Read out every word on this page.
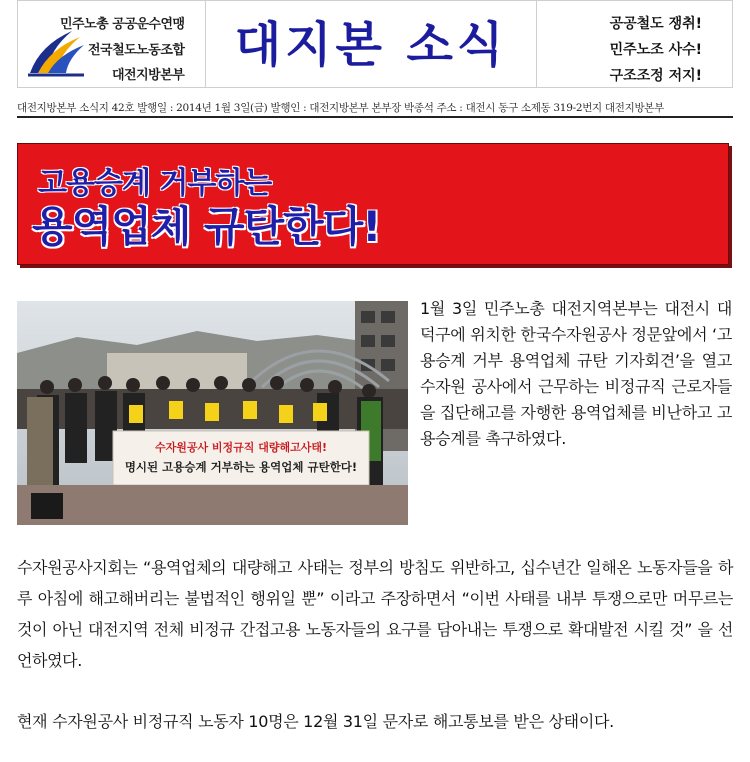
민주노총 공공운수연맹
전국철도노동조합
대전지방본부
대지본 소식	공공철도 쟁취!
민주노조 사수!
구조조정 저지!
대전지방본부 소식지 42호 발행일 : 2014년 1월 3일(금) 발행인 : 대전지방본부 본부장 박종석 주소 : 대전시 동구 소제동 319-2번지 대전지방본부
고용승계 거부하는
용역업체 규탄한다!
수자원공사 비정규직 대량해고사태!
명시된 고용승계 거부하는 용역업체 규탄한다!
1월 3일 민주노총 대전지역본부는 대전시 대덕구에 위치한 한국수자원공사 정문앞에서 ‘고용승계 거부 용역업체 규탄 기자회견’을 열고 수자원 공사에서 근무하는 비정규직 근로자들을 집단해고를 자행한 용역업체를 비난하고 고용승계를 촉구하였다.
수자원공사지회는 “용역업체의 대량해고 사태는 정부의 방침도 위반하고, 십수년간 일해온 노동자들을 하루 아침에 해고해버리는 불법적인 행위일 뿐” 이라고 주장하면서 “이번 사태를 내부 투쟁으로만 머무르는 것이 아닌 대전지역 전체 비정규 간접고용 노동자들의 요구를 담아내는 투쟁으로 확대발전 시킬 것” 을 선언하였다.
현재 수자원공사 비정규직 노동자 10명은 12월 31일 문자로 해고통보를 받은 상태이다.
